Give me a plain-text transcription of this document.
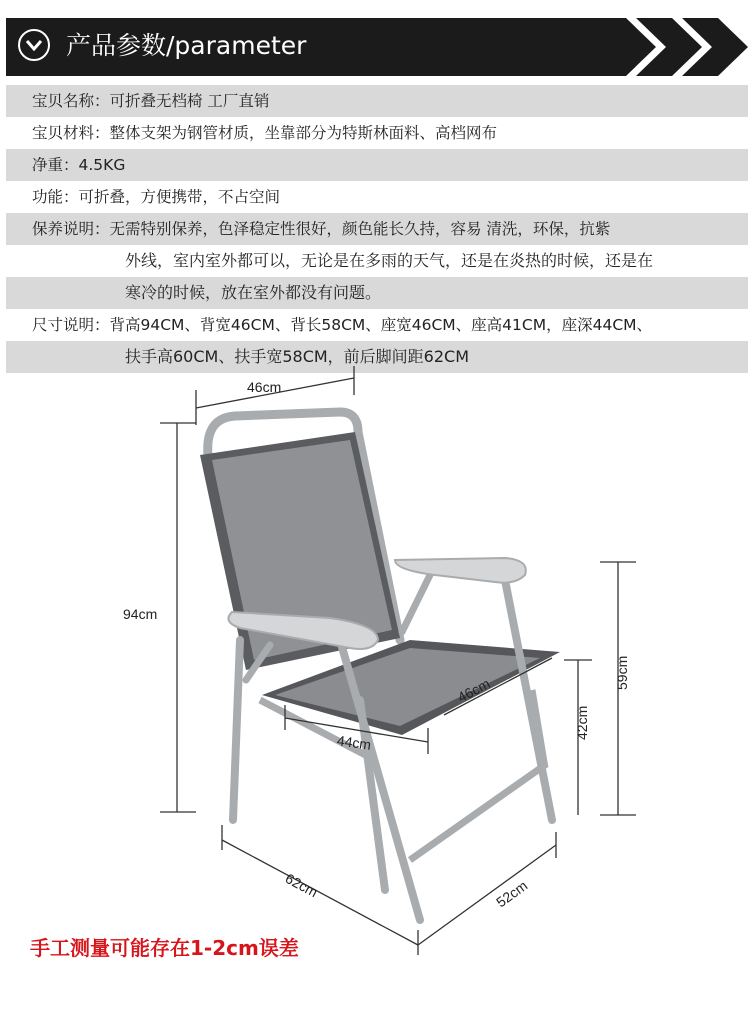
产品参数/parameter
宝贝名称：可折叠无档椅 工厂直销
宝贝材料：整体支架为钢管材质，坐靠部分为特斯林面料、高档网布
净重：4.5KG
功能：可折叠，方便携带，不占空间
保养说明：无需特别保养，色泽稳定性很好，颜色能长久持，容易 清洗，环保，抗紫
外线，室内室外都可以，无论是在多雨的天气，还是在炎热的时候，还是在
寒冷的时候，放在室外都没有问题。
尺寸说明：背高94CM、背宽46CM、背长58CM、座宽46CM、座高41CM，座深44CM、
扶手高60CM、扶手宽58CM，前后脚间距62CM
46cm
94cm
59cm
42cm
46cm
44cm
62cm	52cm
手工测量可能存在1-2cm误差
